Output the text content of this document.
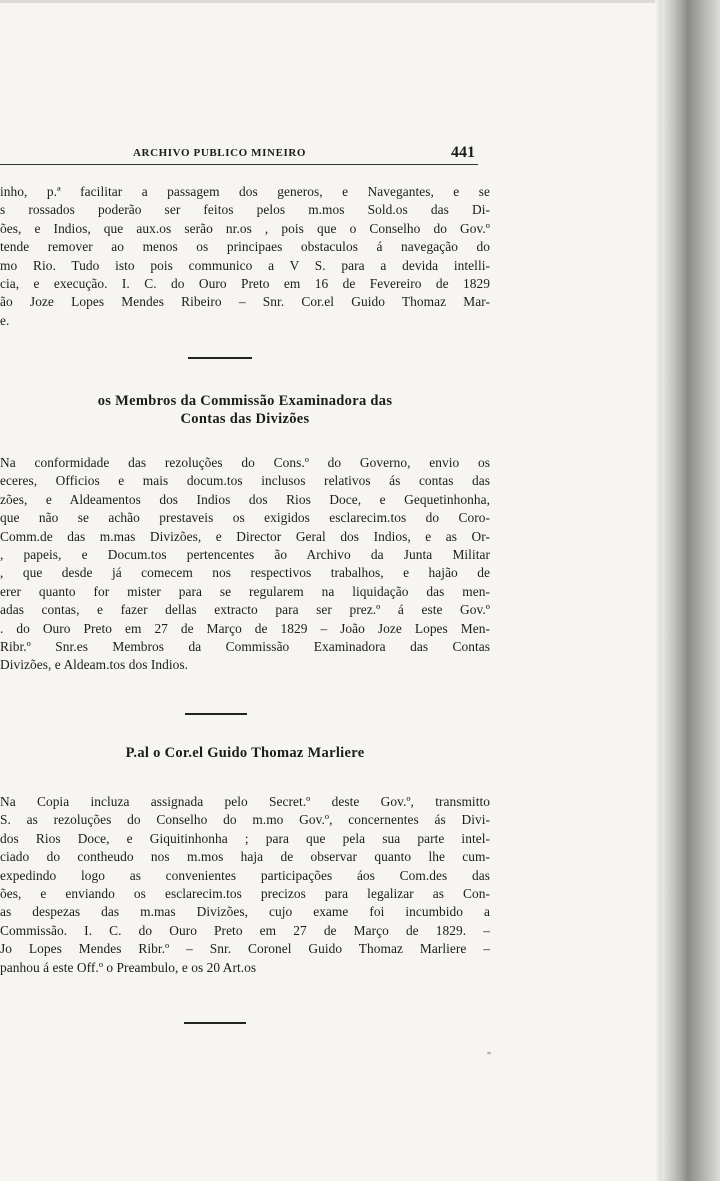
ARCHIVO PUBLICO MINEIRO	441
inho, p.ª facilitar a passagem dos generos, e Navegantes, e se
s rossados poderão ser feitos pelos m.mos Sold.os das Di-
ões, e Indios, que aux.os serão nr.os , pois que o Conselho do Gov.º
tende remover ao menos os principaes obstaculos á navegação do
mo Rio. Tudo isto pois communico a V S. para a devida intelli-
cia, e execução. I. C. do Ouro Preto em 16 de Fevereiro de 1829
ão Joze Lopes Mendes Ribeiro – Snr. Cor.el Guido Thomaz Mar-
e.
os Membros da Commissão Examinadora das
Contas das Divizões
Na conformidade das rezoluções do Cons.º do Governo, envio os
eceres, Officios e mais docum.tos inclusos relativos ás contas das
zões, e Aldeamentos dos Indios dos Rios Doce, e Gequetinhonha,
que não se achão prestaveis os exigidos esclarecim.tos do Coro-
Comm.de das m.mas Divizões, e Director Geral dos Indios, e as Or-
, papeis, e Docum.tos pertencentes ão Archivo da Junta Militar
, que desde já comecem nos respectivos trabalhos, e hajão de
erer quanto for mister para se regularem na liquidação das men-
adas contas, e fazer dellas extracto para ser prez.º á este Gov.º
. do Ouro Preto em 27 de Março de 1829 – João Joze Lopes Men-
Ribr.º Snr.es Membros da Commissão Examinadora das Contas
Divizões, e Aldeam.tos dos Indios.
P.al o Cor.el Guido Thomaz Marliere
Na Copia incluza assignada pelo Secret.º deste Gov.º, transmitto
S. as rezoluções do Conselho do m.mo Gov.º, concernentes ás Divi-
dos Rios Doce, e Giquitinhonha ; para que pela sua parte intel-
ciado do contheudo nos m.mos haja de observar quanto lhe cum-
expedindo logo as convenientes participações áos Com.des das
ões, e enviando os esclarecim.tos precizos para legalizar as Con-
as despezas das m.mas Divizões, cujo exame foi incumbido a
Commissão. I. C. do Ouro Preto em 27 de Março de 1829. –
Jo Lopes Mendes Ribr.º – Snr. Coronel Guido Thomaz Marliere –
panhou á este Off.º o Preambulo, e os 20 Art.os
"
